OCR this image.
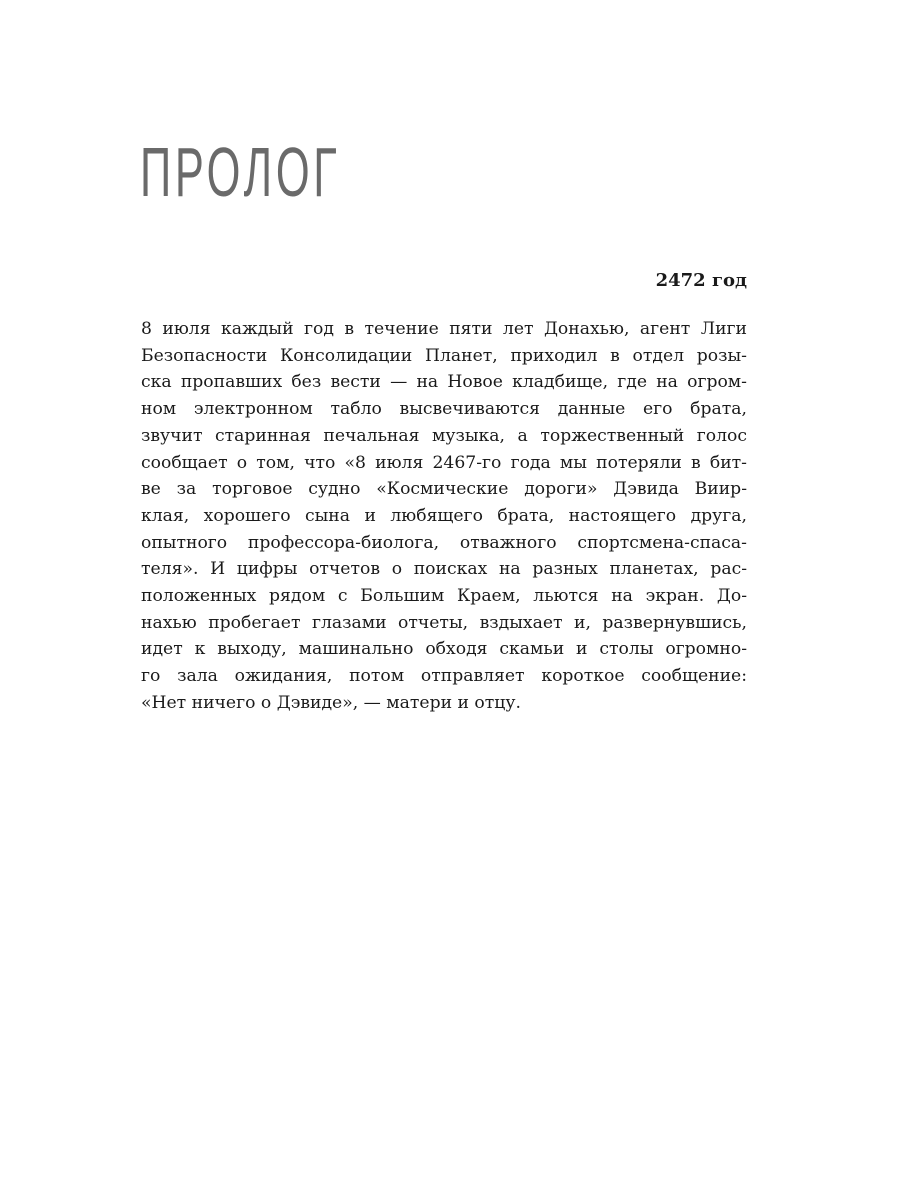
ПРОЛОГ
2472 год
8 июля каждый год в течение пяти лет Донахью, агент Лиги
Безопасности Консолидации Планет, приходил в отдел розы-
ска пропавших без вести — на Новое кладбище, где на огром-
ном электронном табло высвечиваются данные его брата,
звучит старинная печальная музыка, а торжественный голос
сообщает о том, что «8 июля 2467-го года мы потеряли в бит-
ве за торговое судно «Космические дороги» Дэвида Виир-
клая, хорошего сына и любящего брата, настоящего друга,
опытного профессора-биолога, отважного спортсмена-спаса-
теля». И цифры отчетов о поисках на разных планетах, рас-
положенных рядом с Большим Краем, льются на экран. До-
нахью пробегает глазами отчеты, вздыхает и, развернувшись,
идет к выходу, машинально обходя скамьи и столы огромно-
го зала ожидания, потом отправляет короткое сообщение:
«Нет ничего о Дэвиде», — матери и отцу.
